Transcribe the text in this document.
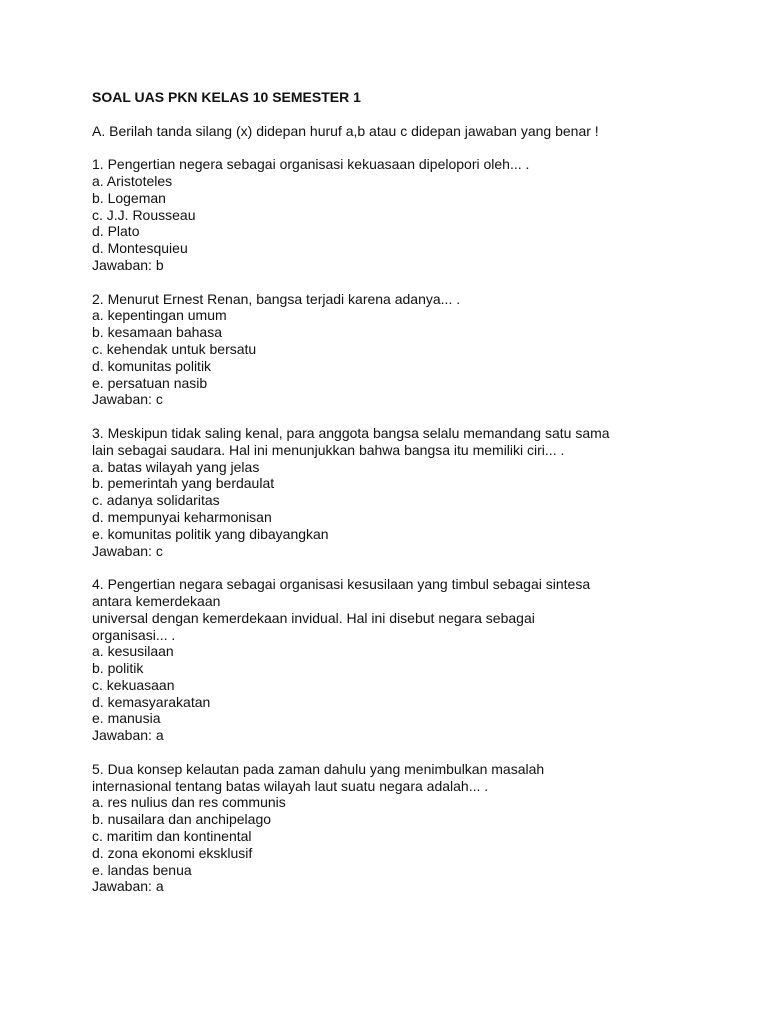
SOAL UAS PKN KELAS 10 SEMESTER 1

A. Berilah tanda silang (x) didepan huruf a,b atau c didepan jawaban yang benar !

1. Pengertian negera sebagai organisasi kekuasaan dipelopori oleh... .

a. Aristoteles

b. Logeman

c. J.J. Rousseau

d. Plato

d. Montesquieu

Jawaban: b

2. Menurut Ernest Renan, bangsa terjadi karena adanya... .

a. kepentingan umum

b. kesamaan bahasa

c. kehendak untuk bersatu

d. komunitas politik

e. persatuan nasib

Jawaban: c

3. Meskipun tidak saling kenal, para anggota bangsa selalu memandang satu sama

lain sebagai saudara. Hal ini menunjukkan bahwa bangsa itu memiliki ciri... .

a. batas wilayah yang jelas

b. pemerintah yang berdaulat

c. adanya solidaritas

d. mempunyai keharmonisan

e. komunitas politik yang dibayangkan

Jawaban: c

4. Pengertian negara sebagai organisasi kesusilaan yang timbul sebagai sintesa

antara kemerdekaan

universal dengan kemerdekaan invidual. Hal ini disebut negara sebagai

organisasi... .

a. kesusilaan

b. politik

c. kekuasaan

d. kemasyarakatan

e. manusia

Jawaban: a

5. Dua konsep kelautan pada zaman dahulu yang menimbulkan masalah

internasional tentang batas wilayah laut suatu negara adalah... .

a. res nulius dan res communis

b. nusailara dan anchipelago

c. maritim dan kontinental

d. zona ekonomi eksklusif

e. landas benua

Jawaban: a
